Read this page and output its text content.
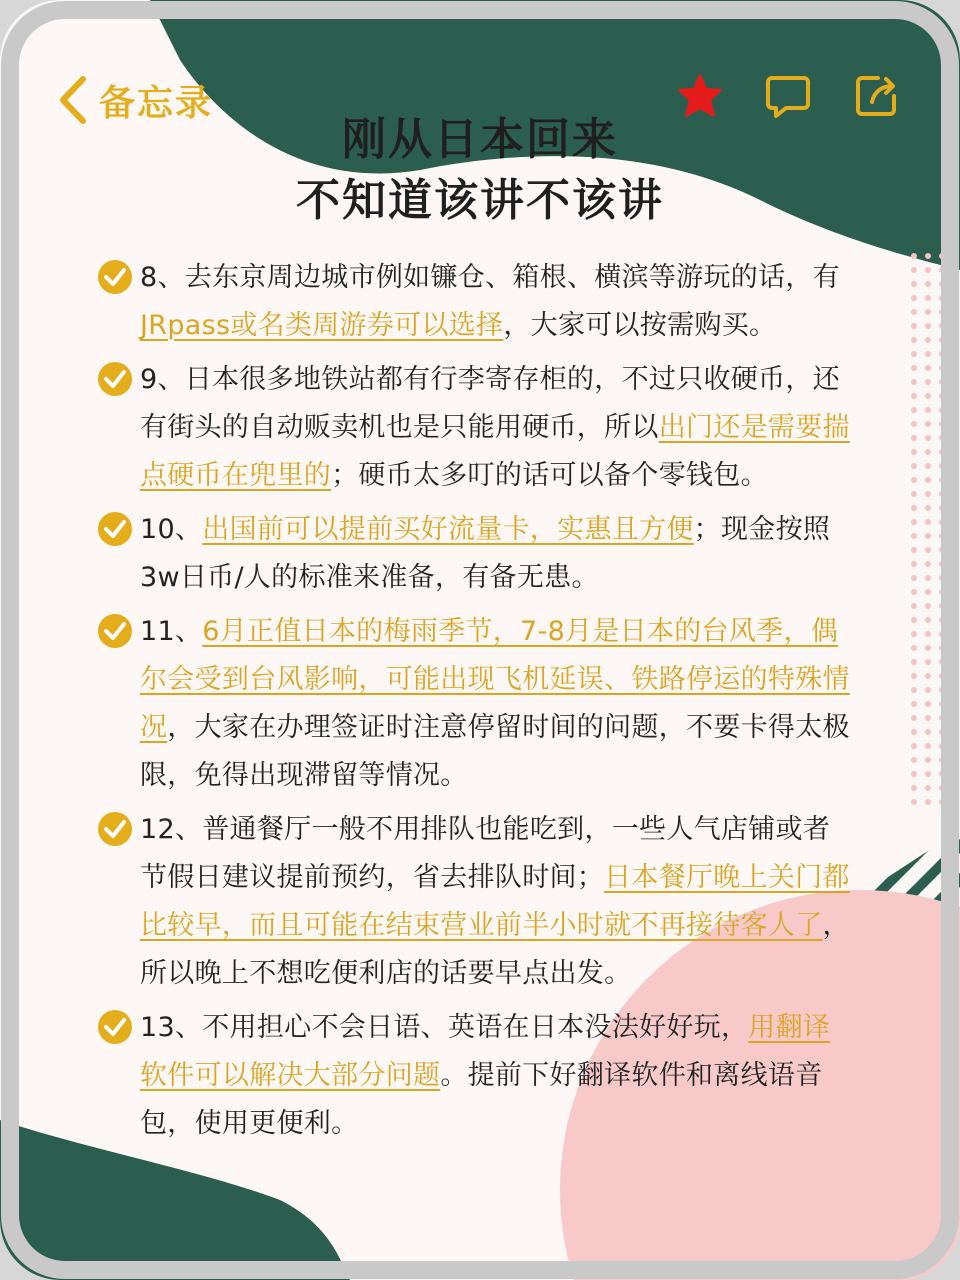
备忘录
刚从日本回来
不知道该讲不该讲

8、去东京周边城市例如镰仓、箱根、横滨等游玩的话，有JRpass或名类周游券可以选择，大家可以按需购买。

9、日本很多地铁站都有行李寄存柜的，不过只收硬币，还有街头的自动贩卖机也是只能用硬币，所以出门还是需要揣点硬币在兜里的；硬币太多叮的话可以备个零钱包。

10、出国前可以提前买好流量卡，实惠且方便；现金按照3w日币/人的标准来准备，有备无患。

11、6月正值日本的梅雨季节，7-8月是日本的台风季，偶尔会受到台风影响，可能出现飞机延误、铁路停运的特殊情况，大家在办理签证时注意停留时间的问题，不要卡得太极限，免得出现滞留等情况。

12、普通餐厅一般不用排队也能吃到，一些人气店铺或者节假日建议提前预约，省去排队时间；日本餐厅晚上关门都比较早，而且可能在结束营业前半小时就不再接待客人了，所以晚上不想吃便利店的话要早点出发。

13、不用担心不会日语、英语在日本没法好好玩，用翻译软件可以解决大部分问题。提前下好翻译软件和离线语音包，使用更便利。
